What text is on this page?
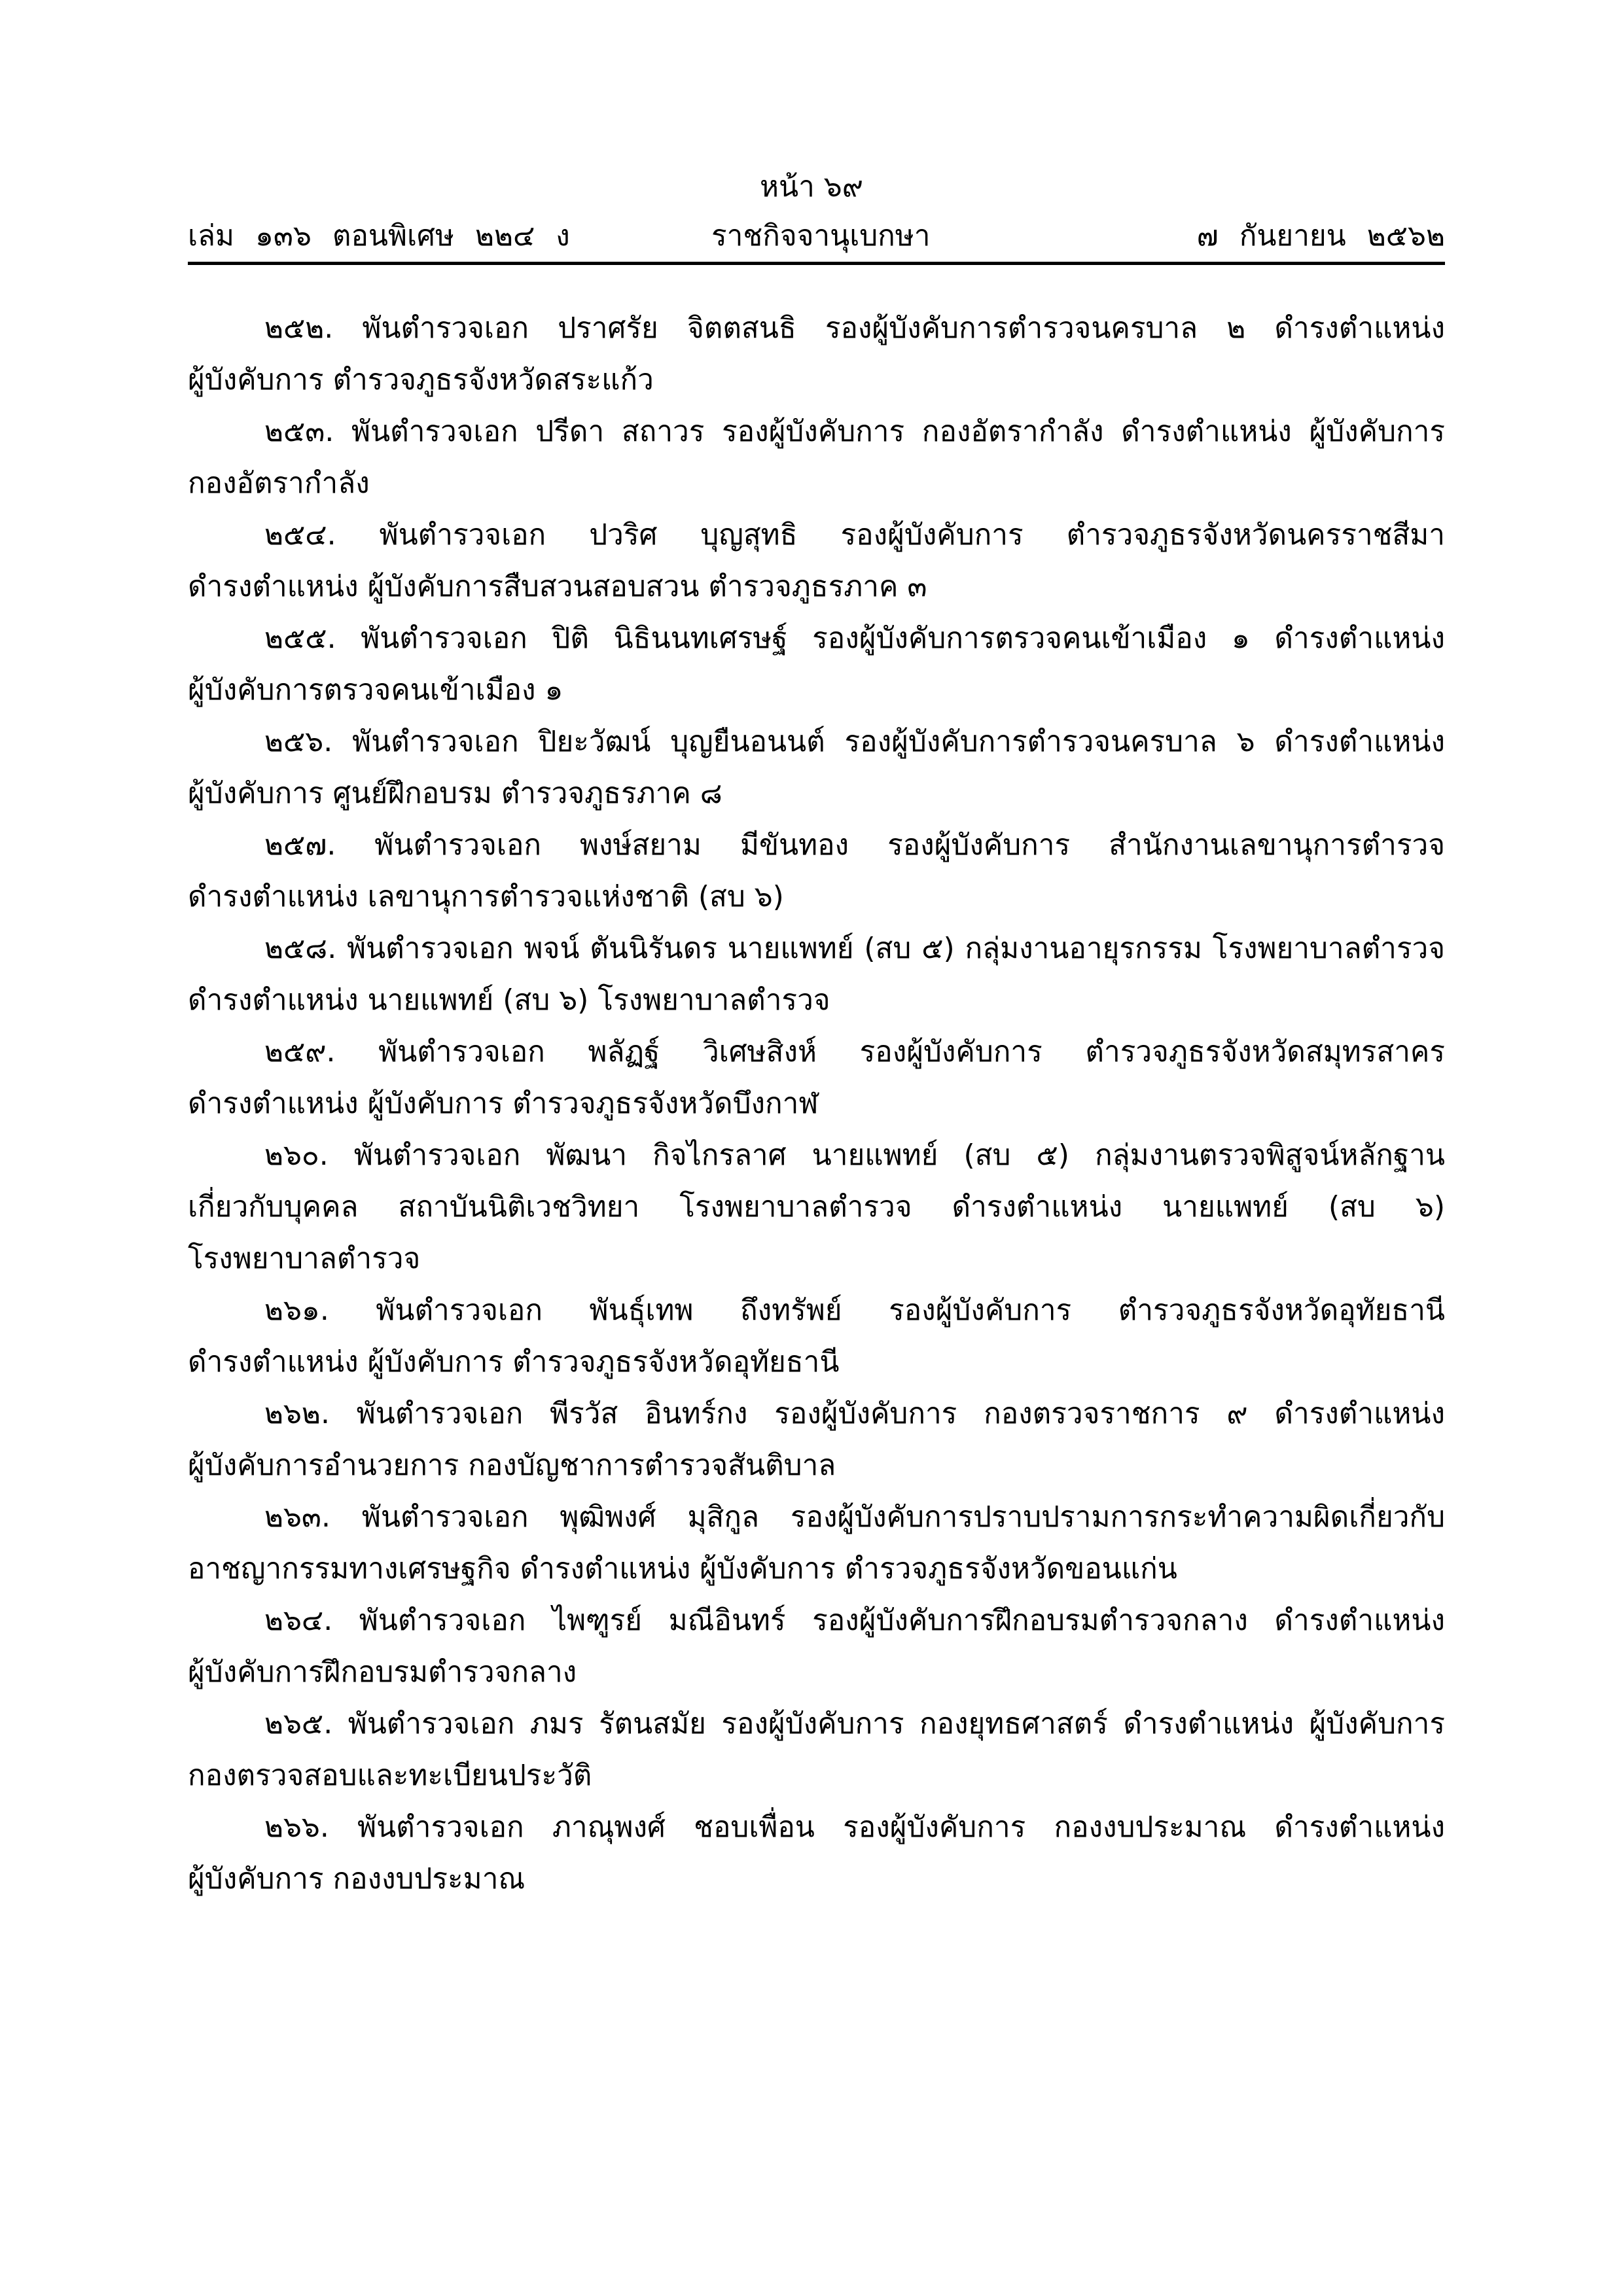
หน้า ๖๙
เล่ม ๑๓๖ ตอนพิเศษ ๒๒๔ ง	ราชกิจจานุเบกษา	๗ กันยายน ๒๕๖๒
๒๕๒. พันตำรวจเอก ปราศรัย จิตตสนธิ รองผู้บังคับการตำรวจนครบาล ๒ ดำรงตำแหน่ง
ผู้บังคับการ ตำรวจภูธรจังหวัดสระแก้ว
๒๕๓. พันตำรวจเอก ปรีดา สถาวร รองผู้บังคับการ กองอัตรากำลัง ดำรงตำแหน่ง ผู้บังคับการ
กองอัตรากำลัง
๒๕๔. พันตำรวจเอก ปวริศ บุญสุทธิ รองผู้บังคับการ ตำรวจภูธรจังหวัดนครราชสีมา
ดำรงตำแหน่ง ผู้บังคับการสืบสวนสอบสวน ตำรวจภูธรภาค ๓
๒๕๕. พันตำรวจเอก ปิติ นิธินนทเศรษฐ์ รองผู้บังคับการตรวจคนเข้าเมือง ๑ ดำรงตำแหน่ง
ผู้บังคับการตรวจคนเข้าเมือง ๑
๒๕๖. พันตำรวจเอก ปิยะวัฒน์ บุญยืนอนนต์ รองผู้บังคับการตำรวจนครบาล ๖ ดำรงตำแหน่ง
ผู้บังคับการ ศูนย์ฝึกอบรม ตำรวจภูธรภาค ๘
๒๕๗. พันตำรวจเอก พงษ์สยาม มีขันทอง รองผู้บังคับการ สำนักงานเลขานุการตำรวจ
ดำรงตำแหน่ง เลขานุการตำรวจแห่งชาติ (สบ ๖)
๒๕๘. พันตำรวจเอก พจน์ ตันนิรันดร นายแพทย์ (สบ ๕) กลุ่มงานอายุรกรรม โรงพยาบาลตำรวจ
ดำรงตำแหน่ง นายแพทย์ (สบ ๖) โรงพยาบาลตำรวจ
๒๕๙. พันตำรวจเอก พลัฏฐ์ วิเศษสิงห์ รองผู้บังคับการ ตำรวจภูธรจังหวัดสมุทรสาคร
ดำรงตำแหน่ง ผู้บังคับการ ตำรวจภูธรจังหวัดบึงกาฬ
๒๖๐. พันตำรวจเอก พัฒนา กิจไกรลาศ นายแพทย์ (สบ ๕) กลุ่มงานตรวจพิสูจน์หลักฐาน
เกี่ยวกับบุคคล สถาบันนิติเวชวิทยา โรงพยาบาลตำรวจ ดำรงตำแหน่ง นายแพทย์ (สบ ๖)
โรงพยาบาลตำรวจ
๒๖๑. พันตำรวจเอก พันธุ์เทพ ถึงทรัพย์ รองผู้บังคับการ ตำรวจภูธรจังหวัดอุทัยธานี
ดำรงตำแหน่ง ผู้บังคับการ ตำรวจภูธรจังหวัดอุทัยธานี
๒๖๒. พันตำรวจเอก พีรวัส อินทร์กง รองผู้บังคับการ กองตรวจราชการ ๙ ดำรงตำแหน่ง
ผู้บังคับการอำนวยการ กองบัญชาการตำรวจสันติบาล
๒๖๓. พันตำรวจเอก พุฒิพงศ์ มุสิกูล รองผู้บังคับการปราบปรามการกระทำความผิดเกี่ยวกับ
อาชญากรรมทางเศรษฐกิจ ดำรงตำแหน่ง ผู้บังคับการ ตำรวจภูธรจังหวัดขอนแก่น
๒๖๔. พันตำรวจเอก ไพฑูรย์ มณีอินทร์ รองผู้บังคับการฝึกอบรมตำรวจกลาง ดำรงตำแหน่ง
ผู้บังคับการฝึกอบรมตำรวจกลาง
๒๖๕. พันตำรวจเอก ภมร รัตนสมัย รองผู้บังคับการ กองยุทธศาสตร์ ดำรงตำแหน่ง ผู้บังคับการ
กองตรวจสอบและทะเบียนประวัติ
๒๖๖. พันตำรวจเอก ภาณุพงศ์ ชอบเพื่อน รองผู้บังคับการ กองงบประมาณ ดำรงตำแหน่ง
ผู้บังคับการ กองงบประมาณ
